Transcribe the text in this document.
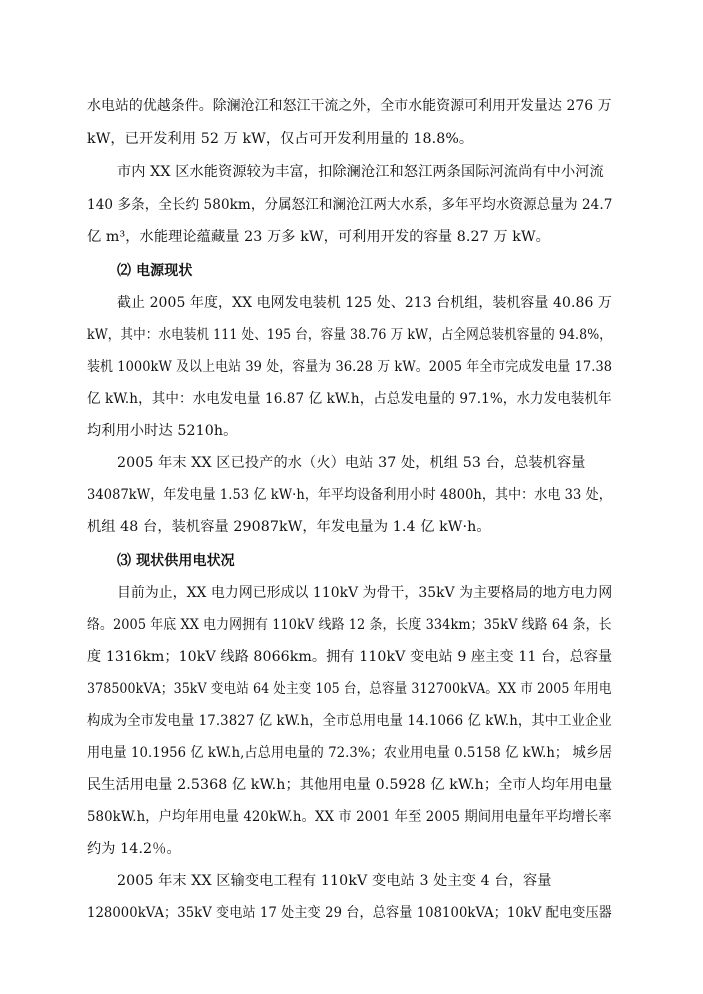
水电站的优越条件。除澜沧江和怒江干流之外，全市水能资源可利用开发量达 276 万
kW，已开发利用 52 万 kW，仅占可开发利用量的 18.8%。
市内 XX 区水能资源较为丰富，扣除澜沧江和怒江两条国际河流尚有中小河流
140 多条，全长约 580km，分属怒江和澜沧江两大水系，多年平均水资源总量为 24.7
亿 m³，水能理论蕴藏量 23 万多 kW，可利用开发的容量 8.27 万 kW。
⑵ 电源现状
截止 2005 年度，XX 电网发电装机 125 处、213 台机组，装机容量 40.86 万
kW，其中：水电装机 111 处、195 台，容量 38.76 万 kW，占全网总装机容量的 94.8%，
装机 1000kW 及以上电站 39 处，容量为 36.28 万 kW。2005 年全市完成发电量 17.38
亿 kW.h，其中：水电发电量 16.87 亿 kW.h，占总发电量的 97.1%，水力发电装机年
均利用小时达 5210h。
2005 年末 XX 区已投产的水（火）电站 37 处，机组 53 台，总装机容量
34087kW，年发电量 1.53 亿 kW·h，年平均设备利用小时 4800h，其中：水电 33 处，
机组 48 台，装机容量 29087kW，年发电量为 1.4 亿 kW·h。
⑶ 现状供用电状况
目前为止，XX 电力网已形成以 110kV 为骨干，35kV 为主要格局的地方电力网
络。2005 年底 XX 电力网拥有 110kV 线路 12 条，长度 334km；35kV 线路 64 条，长
度 1316km；10kV 线路 8066km。拥有 110kV 变电站 9 座主变 11 台，总容量
378500kVA；35kV 变电站 64 处主变 105 台，总容量 312700kVA。XX 市 2005 年用电
构成为全市发电量 17.3827 亿 kW.h，全市总用电量 14.1066 亿 kW.h，其中工业企业
用电量 10.1956 亿 kW.h,占总用电量的 72.3%；农业用电量 0.5158 亿 kW.h； 城乡居
民生活用电量 2.5368 亿 kW.h；其他用电量 0.5928 亿 kW.h；全市人均年用电量
580kW.h，户均年用电量 420kW.h。XX 市 2001 年至 2005 期间用电量年平均增长率
约为 14.2％。
2005 年末 XX 区输变电工程有 110kV 变电站 3 处主变 4 台，容量
128000kVA；35kV 变电站 17 处主变 29 台，总容量 108100kVA；10kV 配电变压器
